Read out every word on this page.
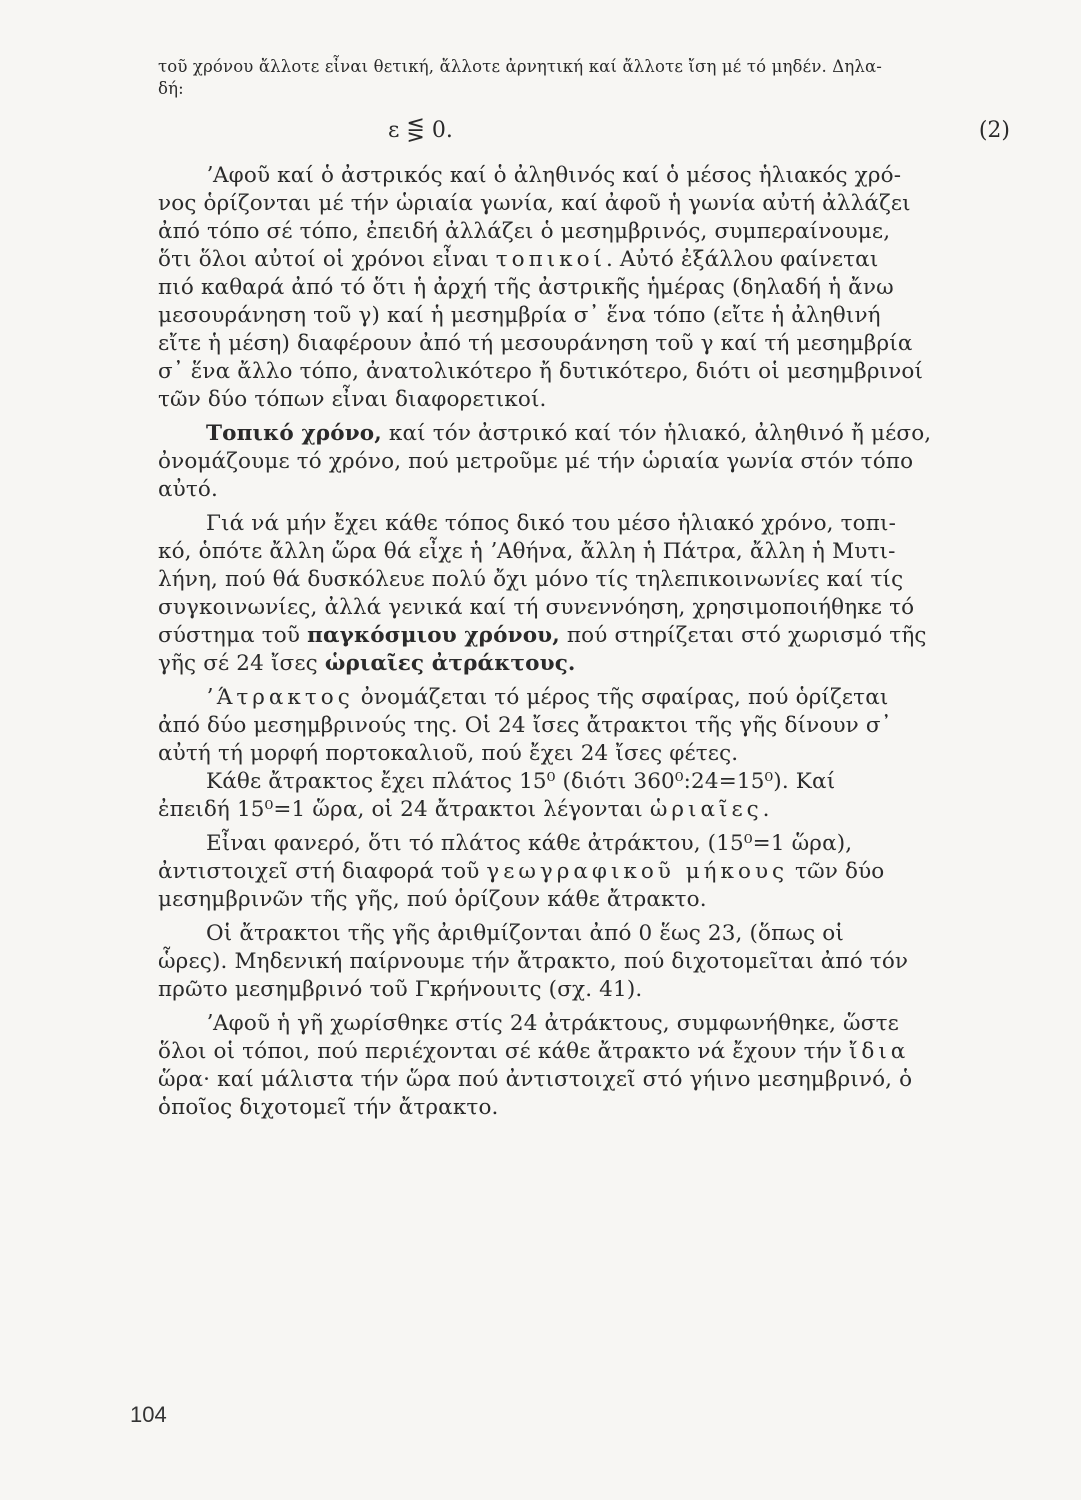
τοῦ χρόνου ἄλλοτε εἶναι θετική, ἄλλοτε ἀρνητική καί ἄλλοτε ἴση μέ τό μηδέν. Δηλα-
δή:
ε ⋚ 0.	(2)
ʼΑφοῦ καί ὁ ἀστρικός καί ὁ ἀληθινός καί ὁ μέσος ἡλιακός χρό-
νος ὁρίζονται μέ τήν ὡριαία γωνία, καί ἀφοῦ ἡ γωνία αὐτή ἀλλάζει
ἀπό τόπο σέ τόπο, ἐπειδή ἀλλάζει ὁ μεσημβρινός, συμπεραίνουμε,
ὅτι ὅλοι αὐτοί οἱ χρόνοι εἶναι τοπικοί. Αὐτό ἐξάλλου φαίνεται
πιό καθαρά ἀπό τό ὅτι ἡ ἀρχή τῆς ἀστρικῆς ἡμέρας (δηλαδή ἡ ἄνω
μεσουράνηση τοῦ γ) καί ἡ μεσημβρία σ᾿ ἕνα τόπο (εἴτε ἡ ἀληθινή
εἴτε ἡ μέση) διαφέρουν ἀπό τή μεσουράνηση τοῦ γ καί τή μεσημβρία
σ᾿ ἕνα ἄλλο τόπο, ἀνατολικότερο ἤ δυτικότερο, διότι οἱ μεσημβρινοί
τῶν δύο τόπων εἶναι διαφορετικοί.
Τοπικό χρόνο, καί τόν ἀστρικό καί τόν ἡλιακό, ἀληθινό ἤ μέσο,
ὀνομάζουμε τό χρόνο, πού μετροῦμε μέ τήν ὡριαία γωνία στόν τόπο
αὐτό.
Γιά νά μήν ἔχει κάθε τόπος δικό του μέσο ἡλιακό χρόνο, τοπι-
κό, ὁπότε ἄλλη ὥρα θά εἶχε ἡ ʼΑθήνα, ἄλλη ἡ Πάτρα, ἄλλη ἡ Μυτι-
λήνη, πού θά δυσκόλευε πολύ ὄχι μόνο τίς τηλεπικοινωνίες καί τίς
συγκοινωνίες, ἀλλά γενικά καί τή συνεννόηση, χρησιμοποιήθηκε τό
σύστημα τοῦ παγκόσμιου χρόνου, πού στηρίζεται στό χωρισμό τῆς
γῆς σέ 24 ἴσες ὡριαῖες ἀτράκτους.
ʼΆτρακτος ὀνομάζεται τό μέρος τῆς σφαίρας, πού ὁρίζεται
ἀπό δύο μεσημβρινούς της. Οἱ 24 ἴσες ἄτρακτοι τῆς γῆς δίνουν σ᾿
αὐτή τή μορφή πορτοκαλιοῦ, πού ἔχει 24 ἴσες φέτες.
Κάθε ἄτρακτος ἔχει πλάτος 15⁰ (διότι 360⁰:24=15⁰). Καί
ἐπειδή 15⁰=1 ὥρα, οἱ 24 ἄτρακτοι λέγονται ὡριαῖες.
Εἶναι φανερό, ὅτι τό πλάτος κάθε ἀτράκτου, (15⁰=1 ὥρα),
ἀντιστοιχεῖ στή διαφορά τοῦ γεωγραφικοῦ μήκους τῶν δύο
μεσημβρινῶν τῆς γῆς, πού ὁρίζουν κάθε ἄτρακτο.
Οἱ ἄτρακτοι τῆς γῆς ἀριθμίζονται ἀπό 0 ἕως 23, (ὅπως οἱ
ὧρες). Μηδενική παίρνουμε τήν ἄτρακτο, πού διχοτομεῖται ἀπό τόν
πρῶτο μεσημβρινό τοῦ Γκρήνουιτς (σχ. 41).
ʼΑφοῦ ἡ γῆ χωρίσθηκε στίς 24 ἀτράκτους, συμφωνήθηκε, ὥστε
ὅλοι οἱ τόποι, πού περιέχονται σέ κάθε ἄτρακτο νά ἔχουν τήν ἴδια
ὥρα· καί μάλιστα τήν ὥρα πού ἀντιστοιχεῖ στό γήινο μεσημβρινό, ὁ
ὁποῖος διχοτομεῖ τήν ἄτρακτο.
104
